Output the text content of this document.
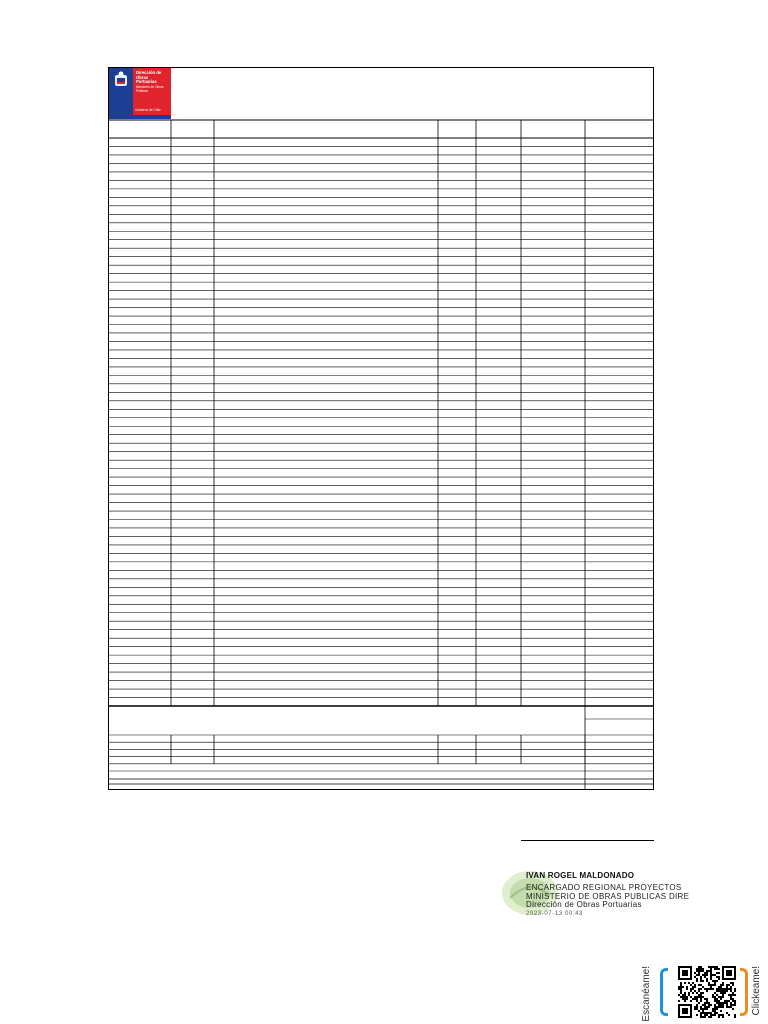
Dirección de
Obras
Portuarias
Ministerio de Obras
Públicas
Gobierno de Chile
IVAN ROGEL MALDONADO
ENCARGADO REGIONAL PROYECTOS
MINISTERIO DE OBRAS PUBLICAS DIRE
Dirección de Obras Portuarias
2023-07-13 00:43
Escanéame!	Clickeame!
